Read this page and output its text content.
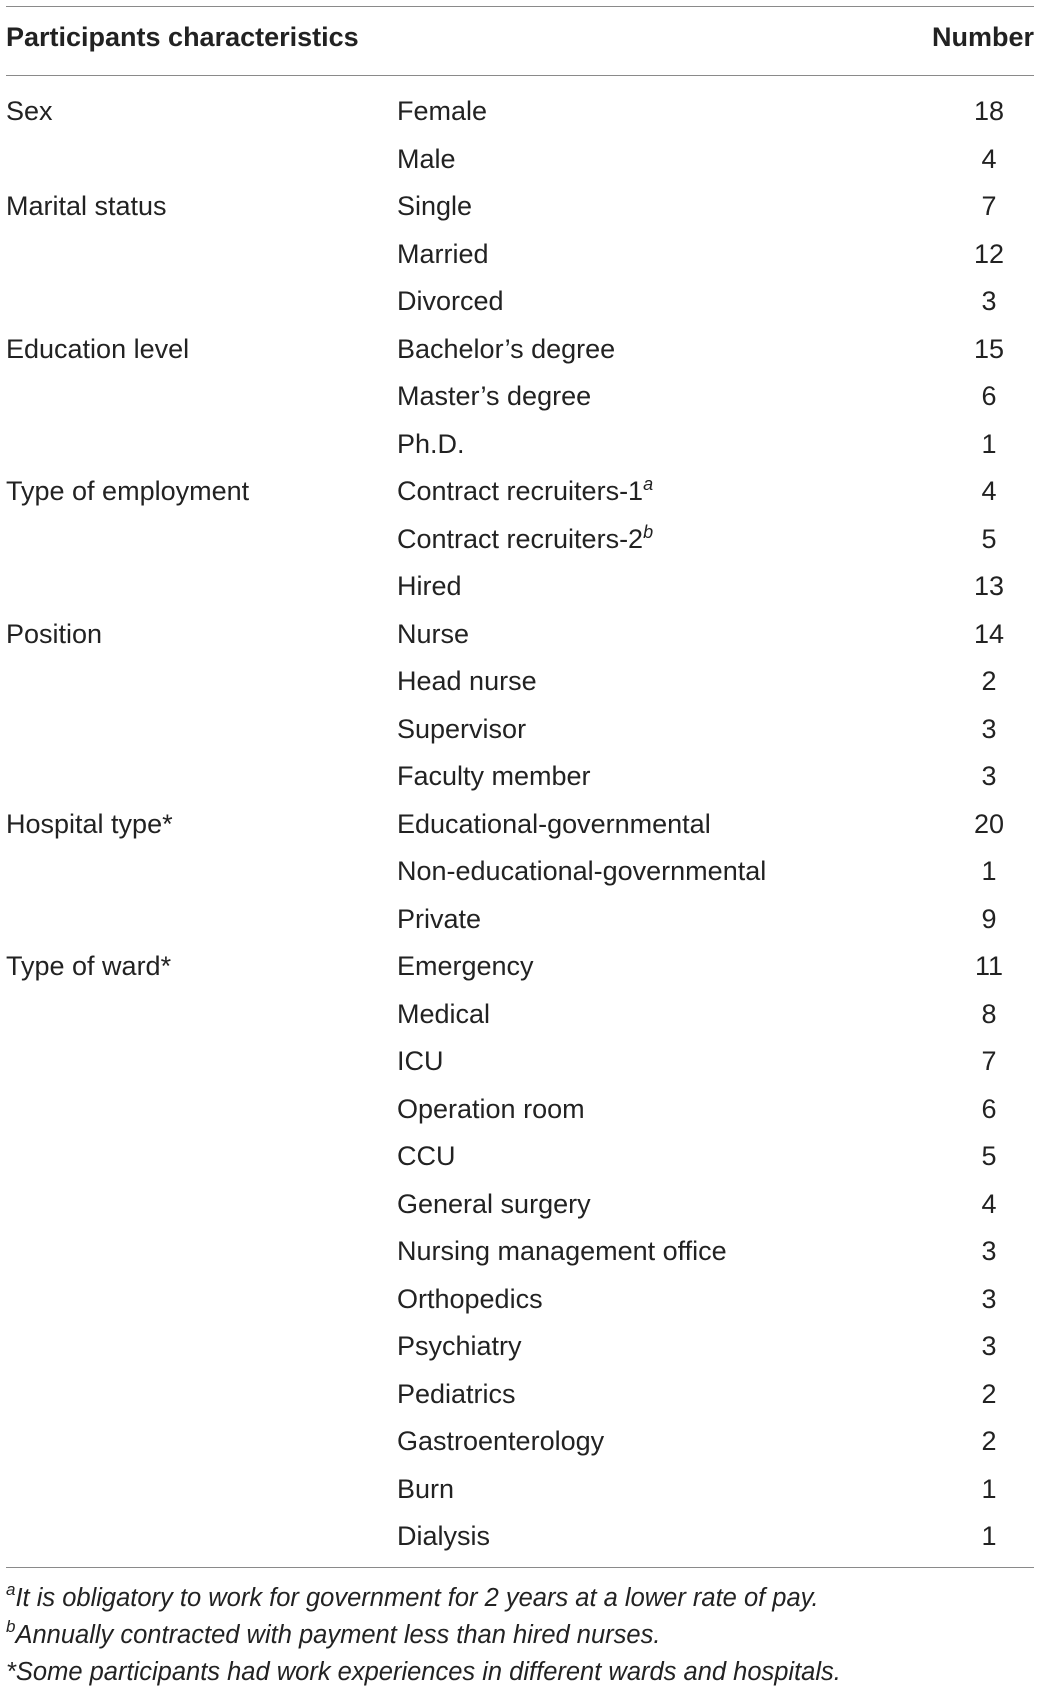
Participants characteristics	Number
Sex	Female	18
Male	4
Marital status	Single	7
Married	12
Divorced	3
Education level	Bachelor’s degree	15
Master’s degree	6
Ph.D.	1
Type of employment	Contract recruiters-1$^a$	4
Contract recruiters-2$^b$	5
Hired	13
Position	Nurse	14
Head nurse	2
Supervisor	3
Faculty member	3
Hospital type*	Educational-governmental	20
Non-educational-governmental	1
Private	9
Type of ward*	Emergency	11
Medical	8
ICU	7
Operation room	6
CCU	5
General surgery	4
Nursing management office	3
Orthopedics	3
Psychiatry	3
Pediatrics	2
Gastroenterology	2
Burn	1
Dialysis	1
$^a$It is obligatory to work for government for 2 years at a lower rate of pay.
$^b$Annually contracted with payment less than hired nurses.
*Some participants had work experiences in different wards and hospitals.
